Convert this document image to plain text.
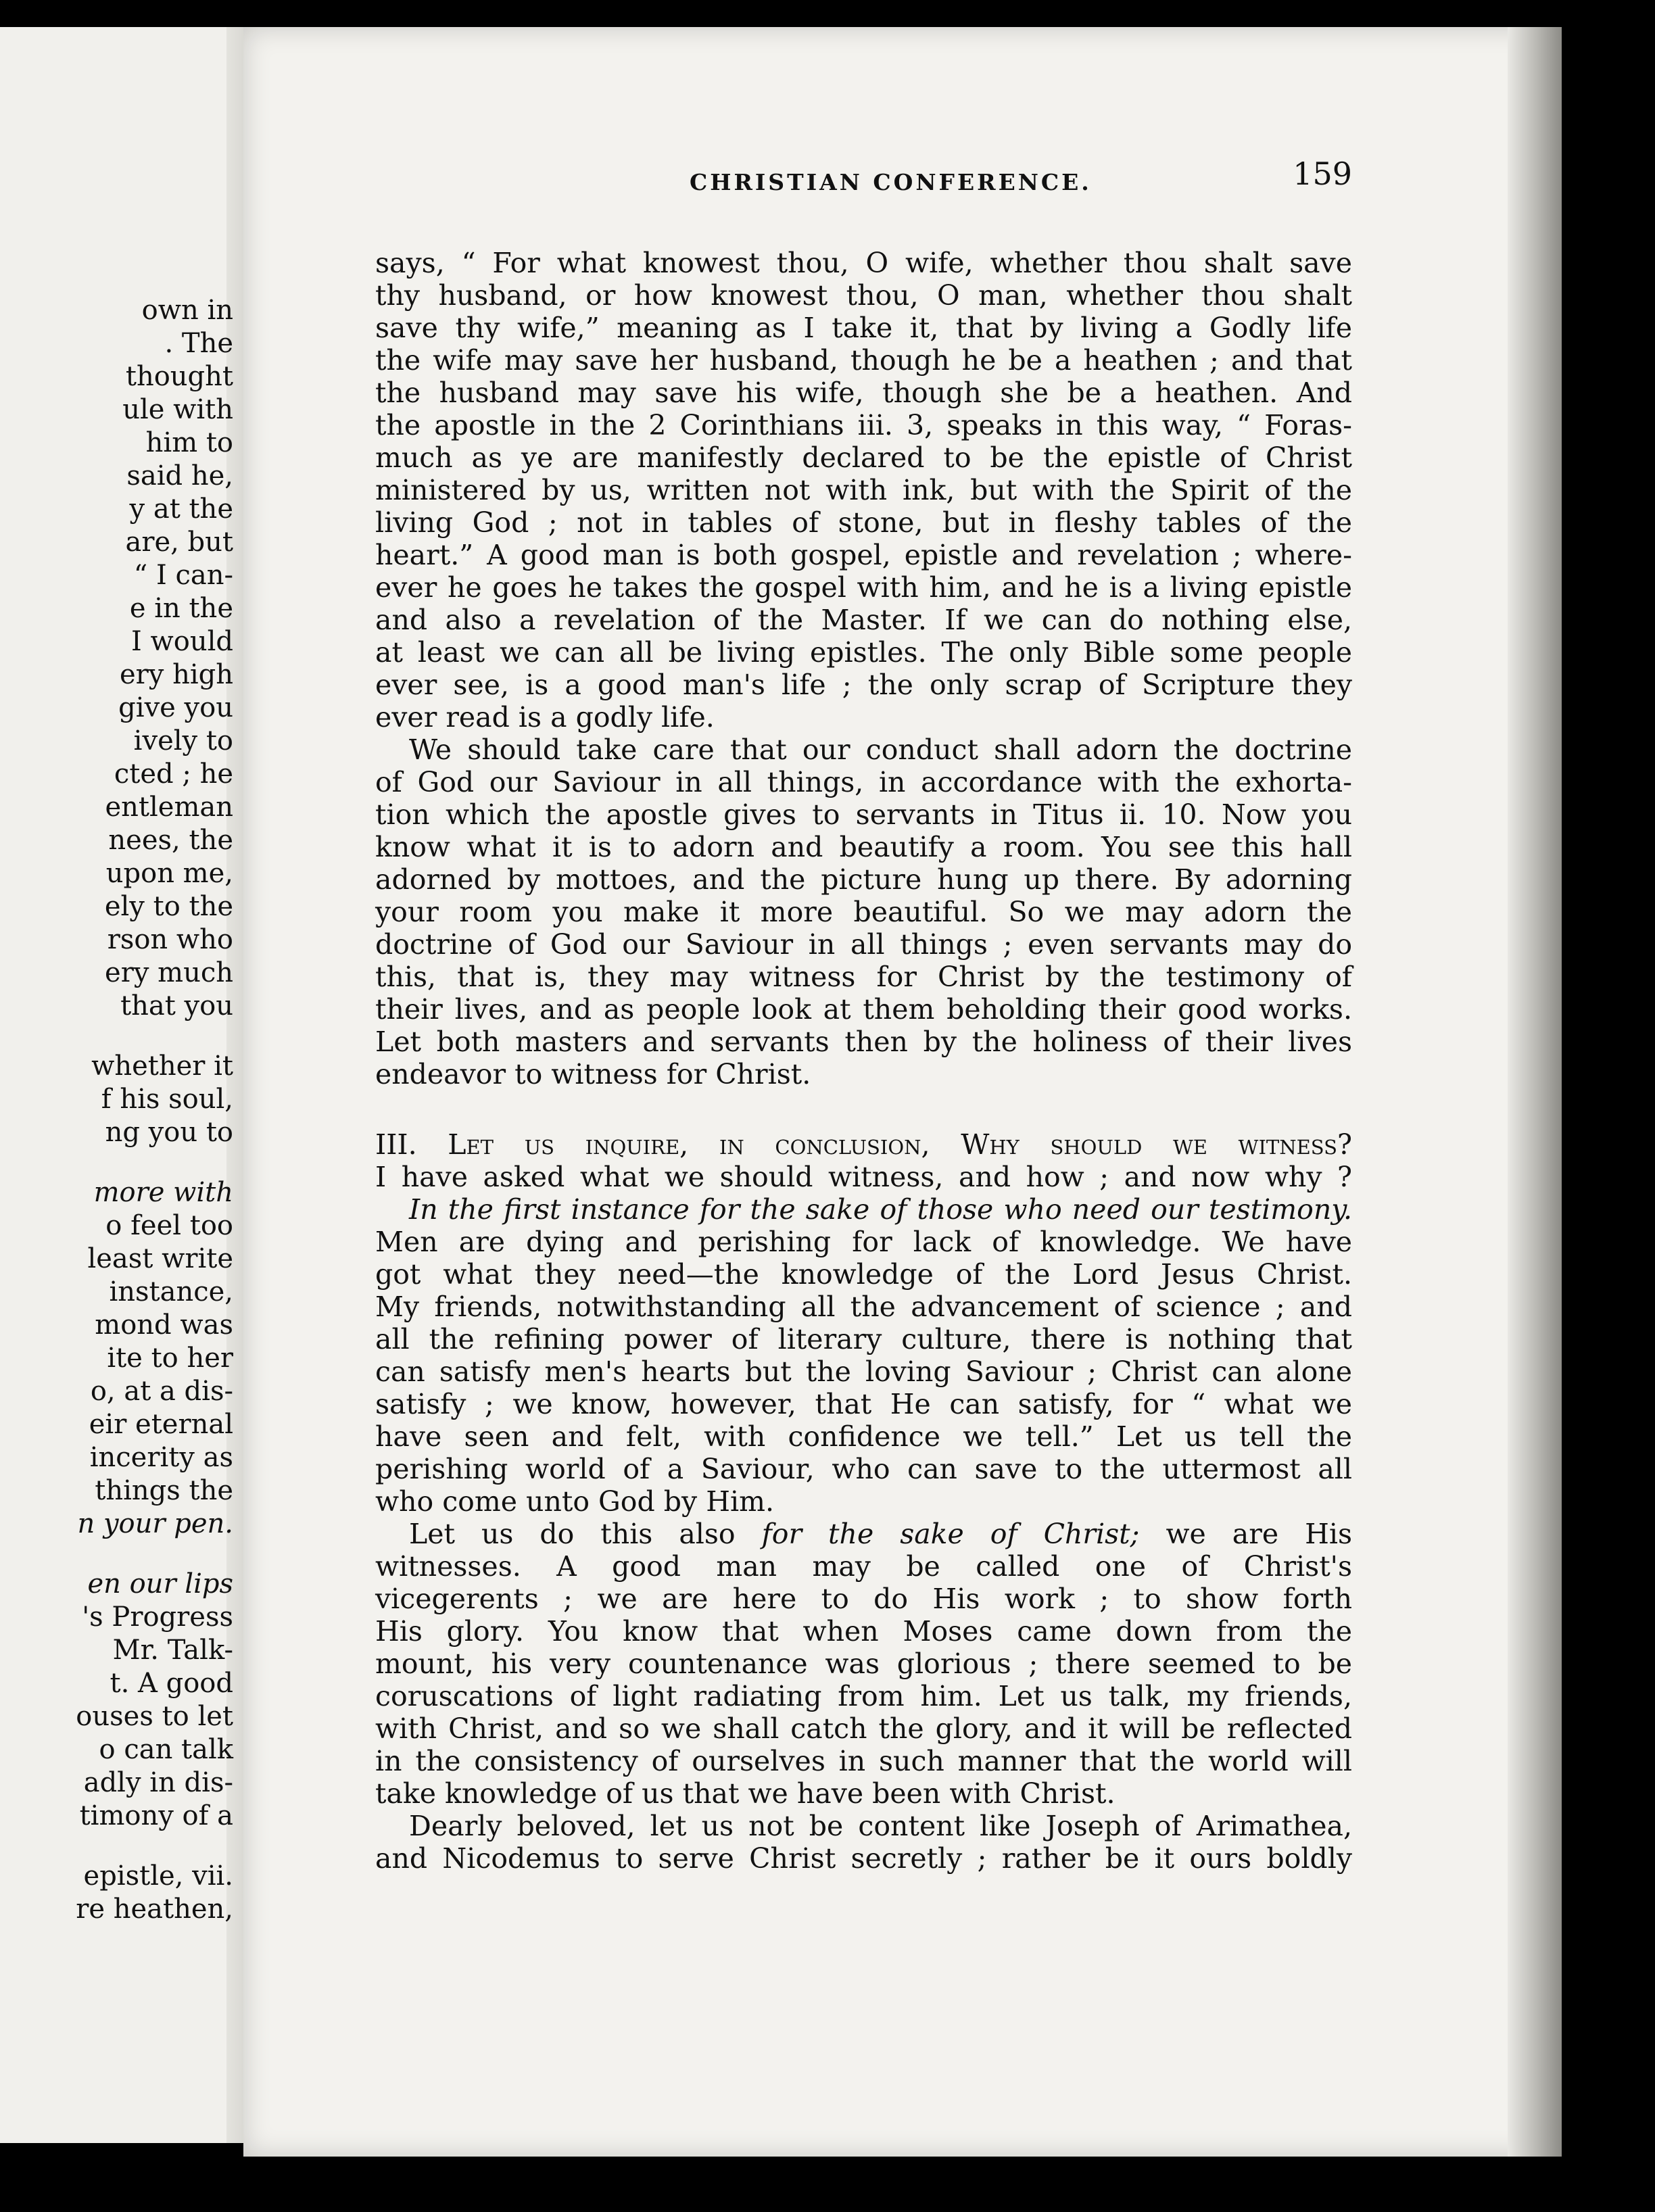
own in
. The
thought
ule with
him to
said he,
y at the
are, but
“ I can-
e in the
I would
ery high
give you
ively to
cted ; he
entleman
nees, the
upon me,
ely to the
rson who
ery much
that you
whether it
f his soul,
ng you to
more with
o feel too
least write
instance,
mond was
ite to her
o, at a dis-
eir eternal
incerity as
things the
n your pen.
en our lips
's Progress
Mr. Talk-
t. A good
ouses to let
o can talk
adly in dis-
timony of a
epistle, vii.
re heathen,
CHRISTIAN CONFERENCE.	159
says, “ For what knowest thou, O wife, whether thou shalt save
thy husband, or how knowest thou, O man, whether thou shalt
save thy wife,” meaning as I take it, that by living a Godly life
the wife may save her husband, though he be a heathen ; and that
the husband may save his wife, though she be a heathen. And
the apostle in the 2 Corinthians iii. 3, speaks in this way, “ Foras-
much as ye are manifestly declared to be the epistle of Christ
ministered by us, written not with ink, but with the Spirit of the
living God ; not in tables of stone, but in fleshy tables of the
heart.” A good man is both gospel, epistle and revelation ; where-
ever he goes he takes the gospel with him, and he is a living epistle
and also a revelation of the Master. If we can do nothing else,
at least we can all be living epistles. The only Bible some people
ever see, is a good man's life ; the only scrap of Scripture they
ever read is a godly life.
We should take care that our conduct shall adorn the doctrine
of God our Saviour in all things, in accordance with the exhorta-
tion which the apostle gives to servants in Titus ii. 10. Now you
know what it is to adorn and beautify a room. You see this hall
adorned by mottoes, and the picture hung up there. By adorning
your room you make it more beautiful. So we may adorn the
doctrine of God our Saviour in all things ; even servants may do
this, that is, they may witness for Christ by the testimony of
their lives, and as people look at them beholding their good works.
Let both masters and servants then by the holiness of their lives
endeavor to witness for Christ.
III. Let us inquire, in conclusion, Why should we witness?
I have asked what we should witness, and how ; and now why ?
In the first instance for the sake of those who need our testimony.
Men are dying and perishing for lack of knowledge. We have
got what they need—the knowledge of the Lord Jesus Christ.
My friends, notwithstanding all the advancement of science ; and
all the refining power of literary culture, there is nothing that
can satisfy men's hearts but the loving Saviour ; Christ can alone
satisfy ; we know, however, that He can satisfy, for “ what we
have seen and felt, with confidence we tell.” Let us tell the
perishing world of a Saviour, who can save to the uttermost all
who come unto God by Him.
Let us do this also for the sake of Christ; we are His
witnesses. A good man may be called one of Christ's
vicegerents ; we are here to do His work ; to show forth
His glory. You know that when Moses came down from the
mount, his very countenance was glorious ; there seemed to be
coruscations of light radiating from him. Let us talk, my friends,
with Christ, and so we shall catch the glory, and it will be reflected
in the consistency of ourselves in such manner that the world will
take knowledge of us that we have been with Christ.
Dearly beloved, let us not be content like Joseph of Arimathea,
and Nicodemus to serve Christ secretly ; rather be it ours boldly
